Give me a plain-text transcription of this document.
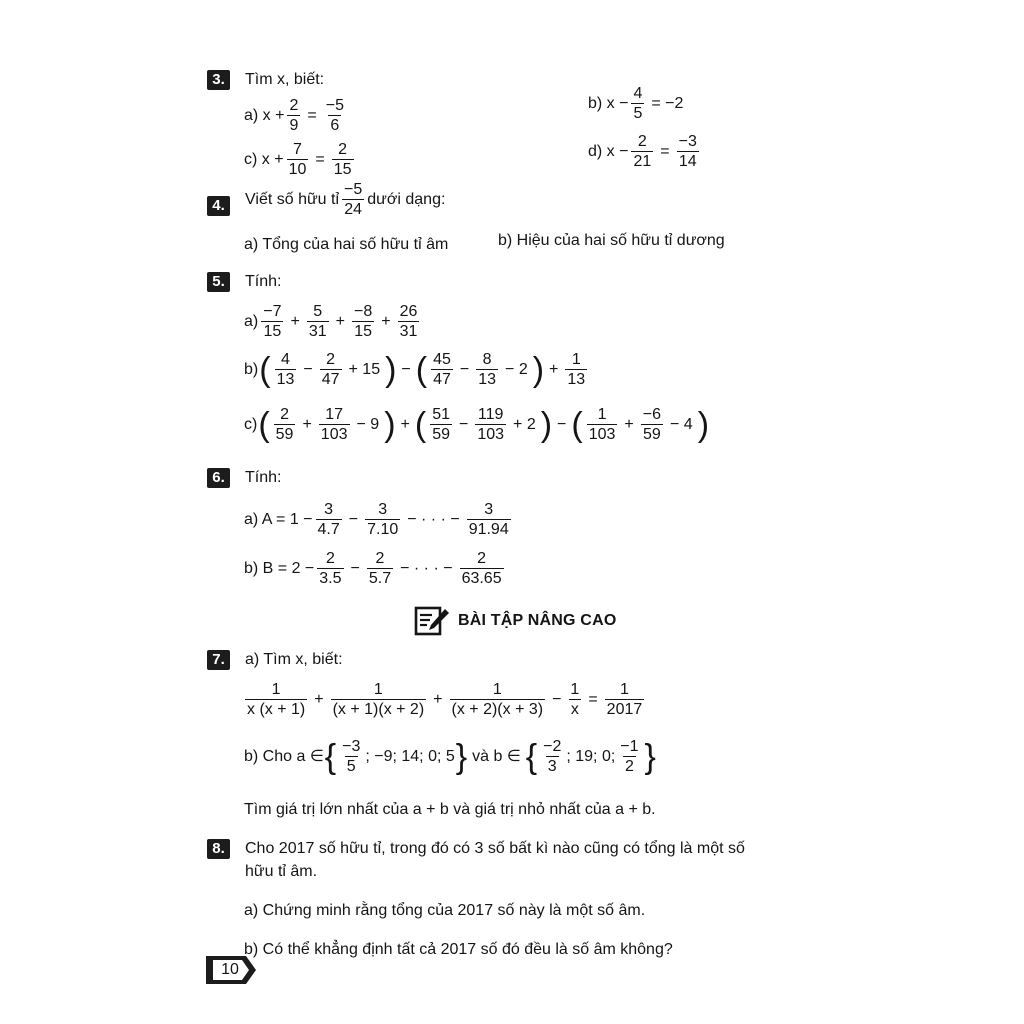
3.	Tìm x, biết:
a) $x + \frac{2}{9} = \frac{-5}{6}$	b) $x - \frac{4}{5} = -2$
c) $x + \frac{7}{10} = \frac{2}{15}$	d) $x - \frac{2}{21} = \frac{-3}{14}$
4.	Viết số hữu tỉ $\frac{-5}{24}$ dưới dạng:
a) Tổng của hai số hữu tỉ âm	b) Hiệu của hai số hữu tỉ dương
5.	Tính:
$a) \frac{-7}{15} + \frac{5}{31} + \frac{-8}{15} + \frac{26}{31}$
b) ( $\frac{4}{13} - \frac{2}{47} + 15$ ) − ( $\frac{45}{47} - \frac{8}{13} - 2$ ) + $\frac{1}{13}$
c) ( $\frac{2}{59} + \frac{17}{103} - 9$ ) + ( $\frac{51}{59} - \frac{119}{103} + 2$ ) − ( $\frac{1}{103} + \frac{-6}{59} - 4$ )
6.	Tính:
a) $A = 1 - \frac{3}{4.7} - \frac{3}{7.10}$ − · · · − $\frac{3}{91.94}$
b) $B = 2 - \frac{2}{3.5} - \frac{2}{5.7}$ − · · · − $\frac{2}{63.65}$
BÀI TẬP NÂNG CAO
7.	a) Tìm x, biết:
$\frac{1}{x (x + 1)} + \frac{1}{(x + 1)(x + 2)} + \frac{1}{(x + 2)(x + 3)} - \frac{1}{x} = \frac{1}{2017}$
b) Cho a ∈ { $\frac{-3}{5}$ ; −9; 14; 0; 5 } và b ∈ { $\frac{-2}{3}$ ; 19; 0; $\frac{-1}{2}$ }
Tìm giá trị lớn nhất của a + b và giá trị nhỏ nhất của a + b.
8.	Cho 2017 số hữu tỉ, trong đó có 3 số bất kì nào cũng có tổng là một số
hữu tỉ âm.
a) Chứng minh rằng tổng của 2017 số này là một số âm.
b) Có thể khẳng định tất cả 2017 số đó đều là số âm không?
10
